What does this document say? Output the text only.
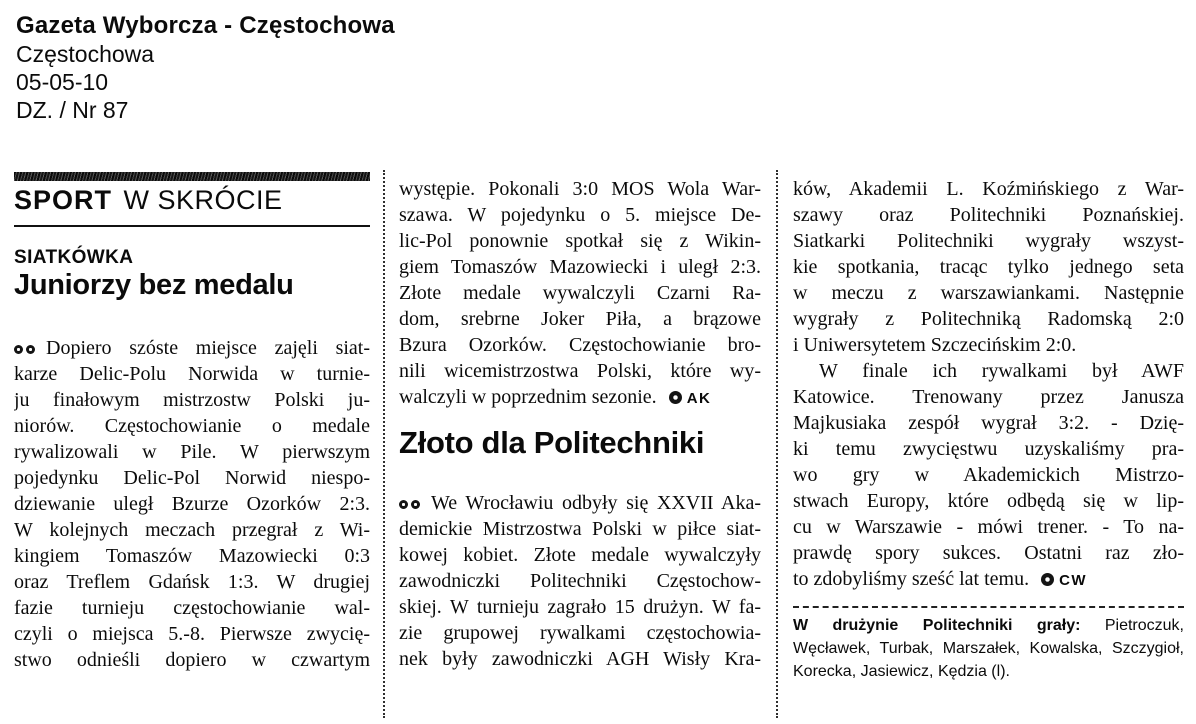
Gazeta Wyborcza - Częstochowa
Częstochowa
05-05-10
DZ. / Nr 87
SPORT W SKRÓCIE
SIATKÓWKA
Juniorzy bez medalu
Dopiero szóste miejsce zajęli siat-
karze Delic-Polu Norwida w turnie-
ju finałowym mistrzostw Polski ju-
niorów. Częstochowianie o medale
rywalizowali w Pile. W pierwszym
pojedynku Delic-Pol Norwid niespo-
dziewanie uległ Bzurze Ozorków 2:3.
W kolejnych meczach przegrał z Wi-
kingiem Tomaszów Mazowiecki 0:3
oraz Treflem Gdańsk 1:3. W drugiej
fazie turnieju częstochowianie wal-
czyli o miejsca 5.-8. Pierwsze zwycię-
stwo odnieśli dopiero w czwartym
występie. Pokonali 3:0 MOS Wola War-
szawa. W pojedynku o 5. miejsce De-
lic-Pol ponownie spotkał się z Wikin-
giem Tomaszów Mazowiecki i uległ 2:3.
Złote medale wywalczyli Czarni Ra-
dom, srebrne Joker Piła, a brązowe
Bzura Ozorków. Częstochowianie bro-
nili wicemistrzostwa Polski, które wy-
walczyli w poprzednim sezonie. AK
Złoto dla Politechniki
We Wrocławiu odbyły się XXVII Aka-
demickie Mistrzostwa Polski w piłce siat-
kowej kobiet. Złote medale wywalczyły
zawodniczki Politechniki Częstochow-
skiej. W turnieju zagrało 15 drużyn. W fa-
zie grupowej rywalkami częstochowia-
nek były zawodniczki AGH Wisły Kra-
ków, Akademii L. Koźmińskiego z War-
szawy oraz Politechniki Poznańskiej.
Siatkarki Politechniki wygrały wszyst-
kie spotkania, tracąc tylko jednego seta
w meczu z warszawiankami. Następnie
wygrały z Politechniką Radomską 2:0
i Uniwersytetem Szczecińskim 2:0.
W finale ich rywalkami był AWF
Katowice. Trenowany przez Janusza
Majkusiaka zespół wygrał 3:2. - Dzię-
ki temu zwycięstwu uzyskaliśmy pra-
wo gry w Akademickich Mistrzo-
stwach Europy, które odbędą się w lip-
cu w Warszawie - mówi trener. - To na-
prawdę spory sukces. Ostatni raz zło-
to zdobyliśmy sześć lat temu. CW

W drużynie Politechniki grały: Pietroczuk, Węcławek, Turbak, Marszałek, Kowalska, Szczygioł, Korecka, Jasiewicz, Kędzia (l).
